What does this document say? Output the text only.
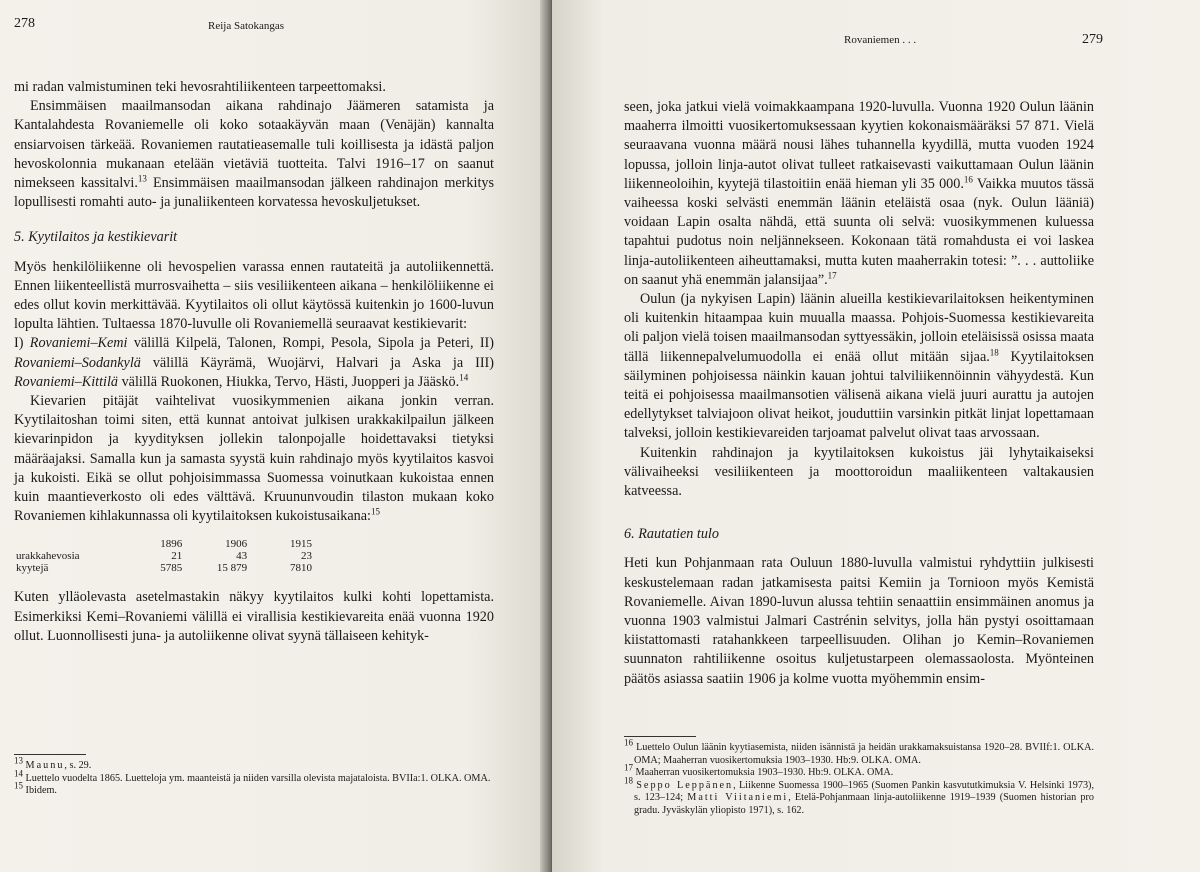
278	Reija Satokangas

mi radan valmistuminen teki hevosrahtiliikenteen tarpeettomaksi.

Ensimmäisen maailmansodan aikana rahdinajo Jäämeren satamista ja Kantalahdesta Rovaniemelle oli koko sotaakäyvän maan (Venäjän) kannalta ensiarvoisen tärkeää. Rovaniemen rautatieasemalle tuli koillisesta ja idästä paljon hevoskolonnia mukanaan etelään vietäviä tuotteita. Talvi 1916–17 on saanut nimekseen kassitalvi.$^{13}$ Ensimmäisen maailmansodan jälkeen rahdinajon merkitys lopullisesti romahti auto- ja junaliikenteen korvatessa hevoskuljetukset.

5. Kyytilaitos ja kestikievarit

Myös henkilöliikenne oli hevospelien varassa ennen rautateitä ja autoliikennettä. Ennen liikenteellistä murrosvaihetta – siis vesiliikenteen aikana – henkilöliikenne ei edes ollut kovin merkittävää. Kyytilaitos oli ollut käytössä kuitenkin jo 1600-luvun lopulta lähtien. Tultaessa 1870-luvulle oli Rovaniemellä seuraavat kestikievarit:

I) Rovaniemi–Kemi välillä Kilpelä, Talonen, Rompi, Pesola, Sipola ja Peteri, II) Rovaniemi–Sodankylä välillä Käyrämä, Wuojärvi, Halvari ja Aska ja III) Rovaniemi–Kittilä välillä Ruokonen, Hiukka, Tervo, Hästi, Juopperi ja Jääskö.$^{14}$

Kievarien pitäjät vaihtelivat vuosikymmenien aikana jonkin verran. Kyytilaitoshan toimi siten, että kunnat antoivat julkisen urakkakilpailun jälkeen kievarinpidon ja kyydityksen jollekin talonpojalle hoidettavaksi tietyksi määräajaksi. Samalla kun ja samasta syystä kuin rahdinajo myös kyytilaitos kasvoi ja kukoisti. Eikä se ollut pohjoisimmassa Suomessa voinutkaan kukoistaa ennen kuin maantieverkosto oli edes välttävä. Kruununvoudin tilaston mukaan koko Rovaniemen kihlakunnassa oli kyytilaitoksen kukoistusaikana:$^{15}$

	1896	1906	1915
urakkahevosia	21	43	23
kyytejä	5785	15 879	7810

Kuten ylläolevasta asetelmastakin näkyy kyytilaitos kulki kohti lopettamista. Esimerkiksi Kemi–Rovaniemi välillä ei virallisia kestikievareita enää vuonna 1920 ollut. Luonnollisesti juna- ja autoliikenne olivat syynä tällaiseen kehityk-

$^{13}$ Maunu, s. 29.
$^{14}$ Luettelo vuodelta 1865. Luetteloja ym. maanteistä ja niiden varsilla olevista majataloista. BVIIa:1. OLKA. OMA.
$^{15}$ Ibidem.
Rovaniemen . . .	279

seen, joka jatkui vielä voimakkaampana 1920-luvulla. Vuonna 1920 Oulun läänin maaherra ilmoitti vuosikertomuksessaan kyytien kokonaismääräksi 57 871. Vielä seuraavana vuonna määrä nousi lähes tuhannella kyydillä, mutta vuoden 1924 lopussa, jolloin linja-autot olivat tulleet ratkaisevasti vaikuttamaan Oulun läänin liikenneoloihin, kyytejä tilastoitiin enää hieman yli 35 000.16 Vaikka muutos tässä vaiheessa koski selvästi enemmän läänin eteläistä osaa (nyk. Oulun lääniä) voidaan Lapin osalta nähdä, että suunta oli selvä: vuosikymmenen kuluessa tapahtui pudotus noin neljännekseen. Kokonaan tätä romahdusta ei voi laskea linja-autoliikenteen aiheuttamaksi, mutta kuten maaherrakin totesi: ”. . . auttoliike on saanut yhä enemmän jalansijaa”.$^{17}$

Oulun (ja nykyisen Lapin) läänin alueilla kestikievarilaitoksen heikentyminen oli kuitenkin hitaampaa kuin muualla maassa. Pohjois-Suomessa kestikievareita oli paljon vielä toisen maailmansodan syttyessäkin, jolloin eteläisissä osissa maata tällä liikennepalvelumuodolla ei enää ollut mitään sijaa.$^{18}$ Kyytilaitoksen säilyminen pohjoisessa näinkin kauan johtui talviliikennöinnin vähyydestä. Kun teitä ei pohjoisessa maailmansotien välisenä aikana vielä juuri aurattu ja autojen edellytykset talviajoon olivat heikot, jouduttiin varsinkin pitkät linjat lopettamaan talveksi, jolloin kestikievareiden tarjoamat palvelut olivat taas arvossaan.

Kuitenkin rahdinajon ja kyytilaitoksen kukoistus jäi lyhytaikaiseksi välivaiheeksi vesiliikenteen ja moottoroidun maaliikenteen valtakausien katveessa.

6. Rautatien tulo

Heti kun Pohjanmaan rata Ouluun 1880-luvulla valmistui ryhdyttiin julkisesti keskustelemaan radan jatkamisesta paitsi Kemiin ja Tornioon myös Kemistä Rovaniemelle. Aivan 1890-luvun alussa tehtiin senaattiin ensimmäinen anomus ja vuonna 1903 valmistui Jalmari Castrénin selvitys, jolla hän pystyi osoittamaan kiistattomasti ratahankkeen tarpeellisuuden. Olihan jo Kemin–Rovaniemen suunnaton rahtiliikenne osoitus kuljetustarpeen olemassaolosta. Myönteinen päätös asiassa saatiin 1906 ja kolme vuotta myöhemmin ensim-

$^{16}$ Luettelo Oulun läänin kyytiasemista, niiden isännistä ja heidän urakkamaksuistansa 1920–28. BVIIf:1. OLKA. OMA; Maaherran vuosikertomuksia 1903–1930. Hb:9. OLKA. OMA.
$^{17}$ Maaherran vuosikertomuksia 1903–1930. Hb:9. OLKA. OMA.
$^{18}$ Seppo Leppänen, Liikenne Suomessa 1900–1965 (Suomen Pankin kasvututkimuksia V. Helsinki 1973), s. 123–124; Matti Viitaniemi, Etelä-Pohjanmaan linja-autoliikenne 1919–1939 (Suomen historian pro gradu. Jyväskylän yliopisto 1971), s. 162.
